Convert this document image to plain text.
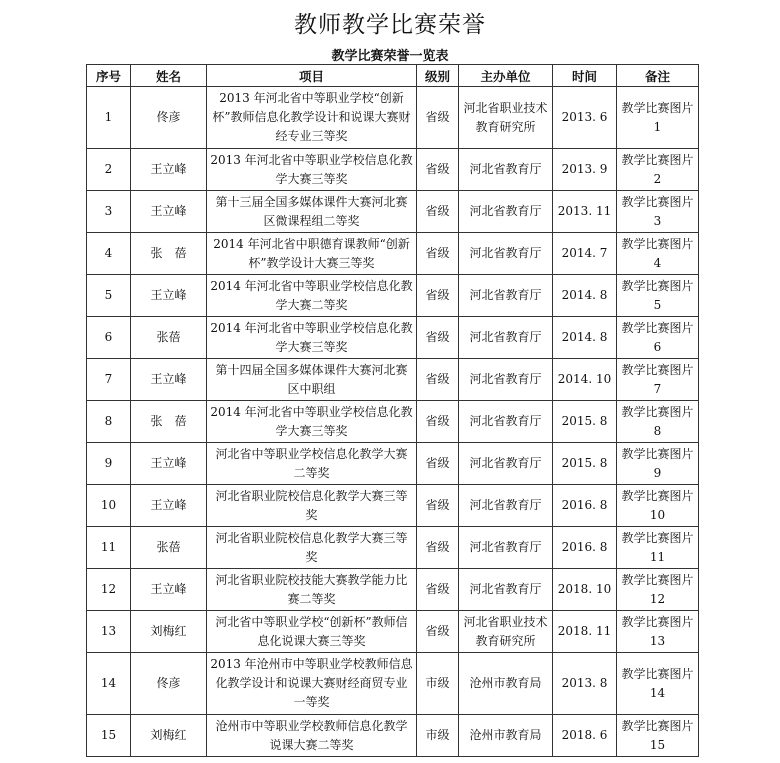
教师教学比赛荣誉
教学比赛荣誉一览表
序号	姓名	项目	级别	主办单位	时间	备注
1	佟彦	2013 年河北省中等职业学校“创新杯”教师信息化教学设计和说课大赛财经专业三等奖	省级	河北省职业技术教育研究所	2013. 6	教学比赛图片 1
2	王立峰	2013 年河北省中等职业学校信息化教学大赛三等奖	省级	河北省教育厅	2013. 9	教学比赛图片 2
3	王立峰	第十三届全国多媒体课件大赛河北赛区微课程组二等奖	省级	河北省教育厅	2013. 11	教学比赛图片 3
4	张　蓓	2014 年河北省中职德育课教师“创新杯”教学设计大赛三等奖	省级	河北省教育厅	2014. 7	教学比赛图片 4
5	王立峰	2014 年河北省中等职业学校信息化教学大赛二等奖	省级	河北省教育厅	2014. 8	教学比赛图片 5
6	张蓓	2014 年河北省中等职业学校信息化教学大赛三等奖	省级	河北省教育厅	2014. 8	教学比赛图片 6
7	王立峰	第十四届全国多媒体课件大赛河北赛区中职组	省级	河北省教育厅	2014. 10	教学比赛图片 7
8	张　蓓	2014 年河北省中等职业学校信息化教学大赛三等奖	省级	河北省教育厅	2015. 8	教学比赛图片 8
9	王立峰	河北省中等职业学校信息化教学大赛二等奖	省级	河北省教育厅	2015. 8	教学比赛图片 9
10	王立峰	河北省职业院校信息化教学大赛三等奖	省级	河北省教育厅	2016. 8	教学比赛图片 10
11	张蓓	河北省职业院校信息化教学大赛三等奖	省级	河北省教育厅	2016. 8	教学比赛图片 11
12	王立峰	河北省职业院校技能大赛教学能力比赛二等奖	省级	河北省教育厅	2018. 10	教学比赛图片 12
13	刘梅红	河北省中等职业学校“创新杯”教师信息化说课大赛三等奖	省级	河北省职业技术教育研究所	2018. 11	教学比赛图片 13
14	佟彦	2013 年沧州市中等职业学校教师信息化教学设计和说课大赛财经商贸专业一等奖	市级	沧州市教育局	2013. 8	教学比赛图片 14
15	刘梅红	沧州市中等职业学校教师信息化教学说课大赛二等奖	市级	沧州市教育局	2018. 6	教学比赛图片 15
